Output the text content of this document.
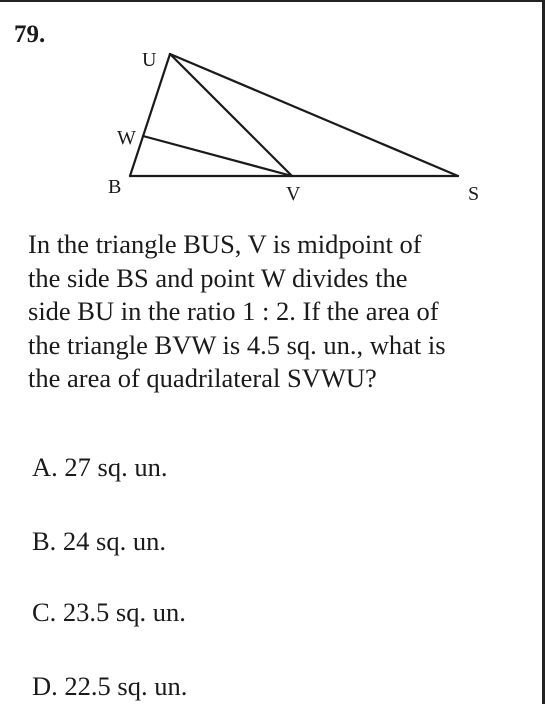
79.
U
W
B	V	S
In the triangle BUS, V is midpoint of
the side BS and point W divides the
side BU in the ratio 1 : 2. If the area of
the triangle BVW is 4.5 sq. un., what is
the area of quadrilateral SVWU?
A. 27 sq. un.
B. 24 sq. un.
C. 23.5 sq. un.
D. 22.5 sq. un.
